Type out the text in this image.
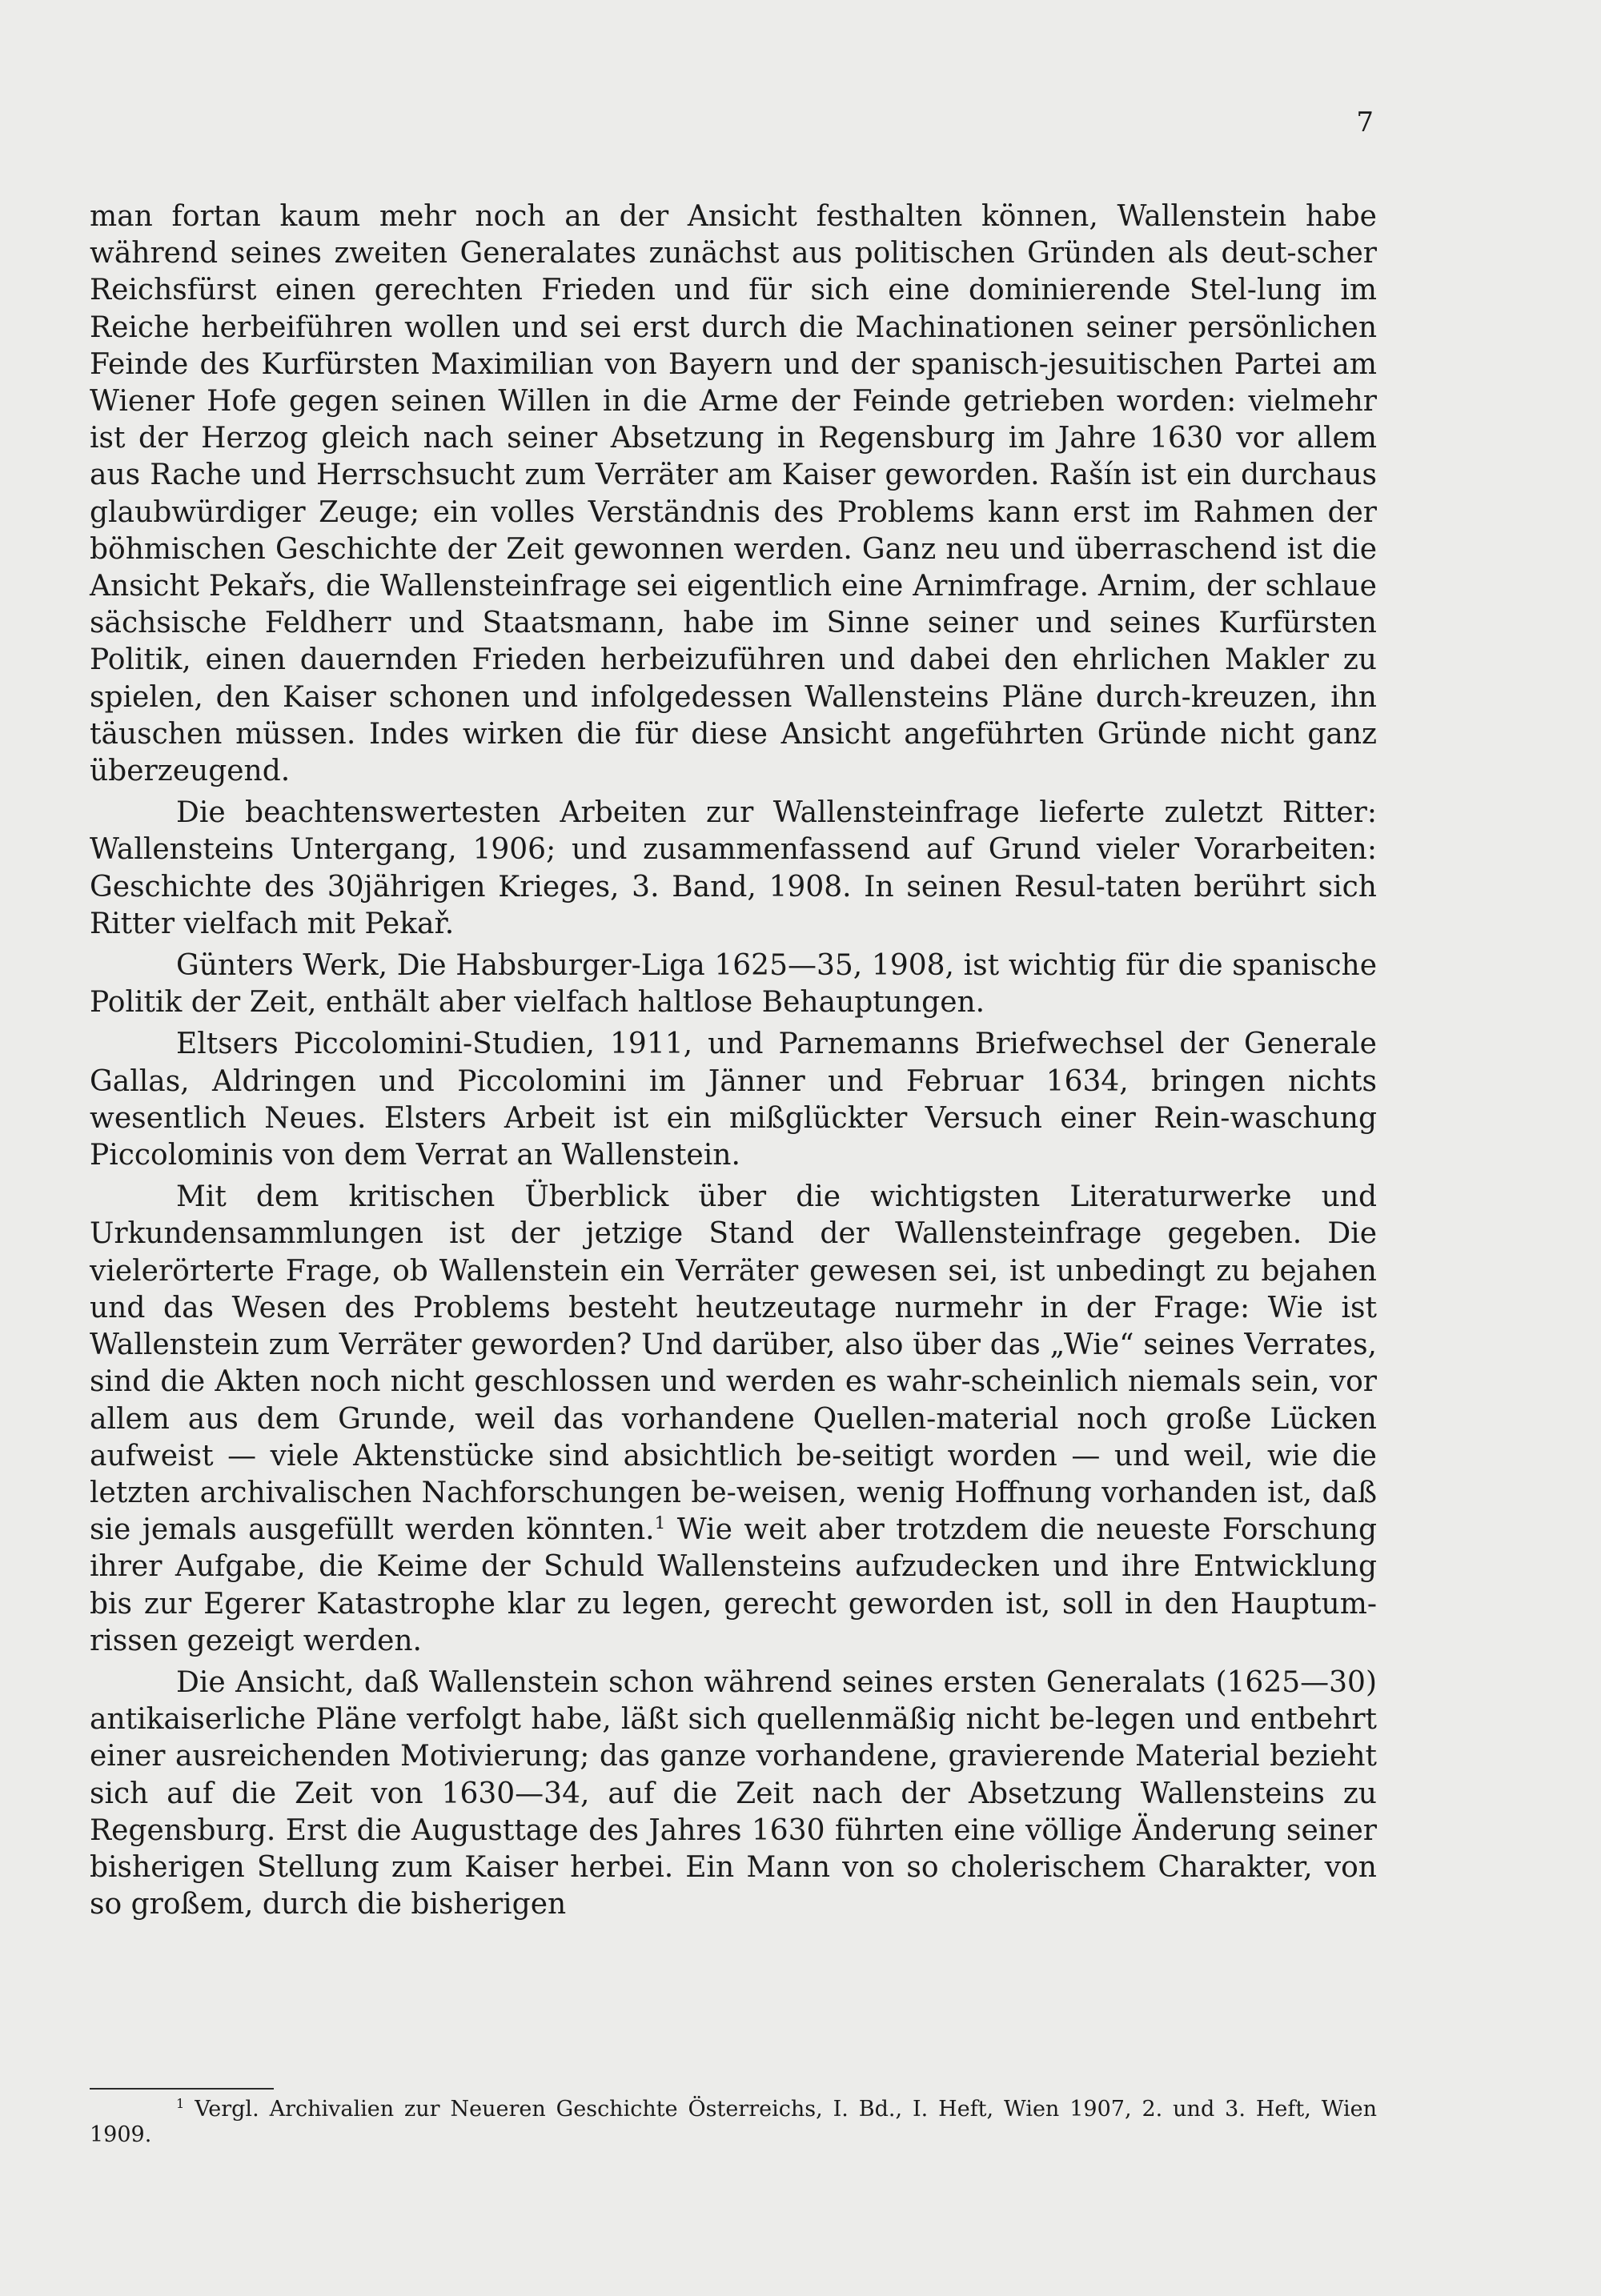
7

man fortan kaum mehr noch an der Ansicht festhalten können, Wallenstein habe während seines zweiten Generalates zunächst aus politischen Gründen als deut-scher Reichsfürst einen gerechten Frieden und für sich eine dominierende Stel-lung im Reiche herbeiführen wollen und sei erst durch die Machinationen seiner persönlichen Feinde des Kurfürsten Maximilian von Bayern und der spanisch-jesuitischen Partei am Wiener Hofe gegen seinen Willen in die Arme der Feinde getrieben worden: vielmehr ist der Herzog gleich nach seiner Absetzung in Regensburg im Jahre 1630 vor allem aus Rache und Herrschsucht zum Verräter am Kaiser geworden. Rašín ist ein durchaus glaubwürdiger Zeuge; ein volles Verständnis des Problems kann erst im Rahmen der böhmischen Geschichte der Zeit gewonnen werden. Ganz neu und überraschend ist die Ansicht Pekařs, die Wallensteinfrage sei eigentlich eine Arnimfrage. Arnim, der schlaue sächsische Feldherr und Staatsmann, habe im Sinne seiner und seines Kurfürsten Politik, einen dauernden Frieden herbeizuführen und dabei den ehrlichen Makler zu spielen, den Kaiser schonen und infolgedessen Wallensteins Pläne durch-kreuzen, ihn täuschen müssen. Indes wirken die für diese Ansicht angeführten Gründe nicht ganz überzeugend.

Die beachtenswertesten Arbeiten zur Wallensteinfrage lieferte zuletzt Ritter: Wallensteins Untergang, 1906; und zusammenfassend auf Grund vieler Vorarbeiten: Geschichte des 30jährigen Krieges, 3. Band, 1908. In seinen Resul-taten berührt sich Ritter vielfach mit Pekař.

Günters Werk, Die Habsburger-Liga 1625—35, 1908, ist wichtig für die spanische Politik der Zeit, enthält aber vielfach haltlose Behauptungen.

Eltsers Piccolomini-Studien, 1911, und Parnemanns Briefwechsel der Generale Gallas, Aldringen und Piccolomini im Jänner und Februar 1634, bringen nichts wesentlich Neues. Elsters Arbeit ist ein mißglückter Versuch einer Rein-waschung Piccolominis von dem Verrat an Wallenstein.

Mit dem kritischen Überblick über die wichtigsten Literaturwerke und Urkundensammlungen ist der jetzige Stand der Wallensteinfrage gegeben. Die vielerörterte Frage, ob Wallenstein ein Verräter gewesen sei, ist unbedingt zu bejahen und das Wesen des Problems besteht heutzeutage nurmehr in der Frage: Wie ist Wallenstein zum Verräter geworden? Und darüber, also über das „Wie“ seines Verrates, sind die Akten noch nicht geschlossen und werden es wahr-scheinlich niemals sein, vor allem aus dem Grunde, weil das vorhandene Quellen-material noch große Lücken aufweist — viele Aktenstücke sind absichtlich be-seitigt worden — und weil, wie die letzten archivalischen Nachforschungen be-weisen, wenig Hoffnung vorhanden ist, daß sie jemals ausgefüllt werden könnten.$^1$ Wie weit aber trotzdem die neueste Forschung ihrer Aufgabe, die Keime der Schuld Wallensteins aufzudecken und ihre Entwicklung bis zur Egerer Katastrophe klar zu legen, gerecht geworden ist, soll in den Hauptum-rissen gezeigt werden.

Die Ansicht, daß Wallenstein schon während seines ersten Generalats (1625—30) antikaiserliche Pläne verfolgt habe, läßt sich quellenmäßig nicht be-legen und entbehrt einer ausreichenden Motivierung; das ganze vorhandene, gravierende Material bezieht sich auf die Zeit von 1630—34, auf die Zeit nach der Absetzung Wallensteins zu Regensburg. Erst die Augusttage des Jahres 1630 führten eine völlige Änderung seiner bisherigen Stellung zum Kaiser herbei. Ein Mann von so cholerischem Charakter, von so großem, durch die bisherigen

$^1$ Vergl. Archivalien zur Neueren Geschichte Österreichs, I. Bd., I. Heft, Wien 1907, 2. und 3. Heft, Wien 1909.
